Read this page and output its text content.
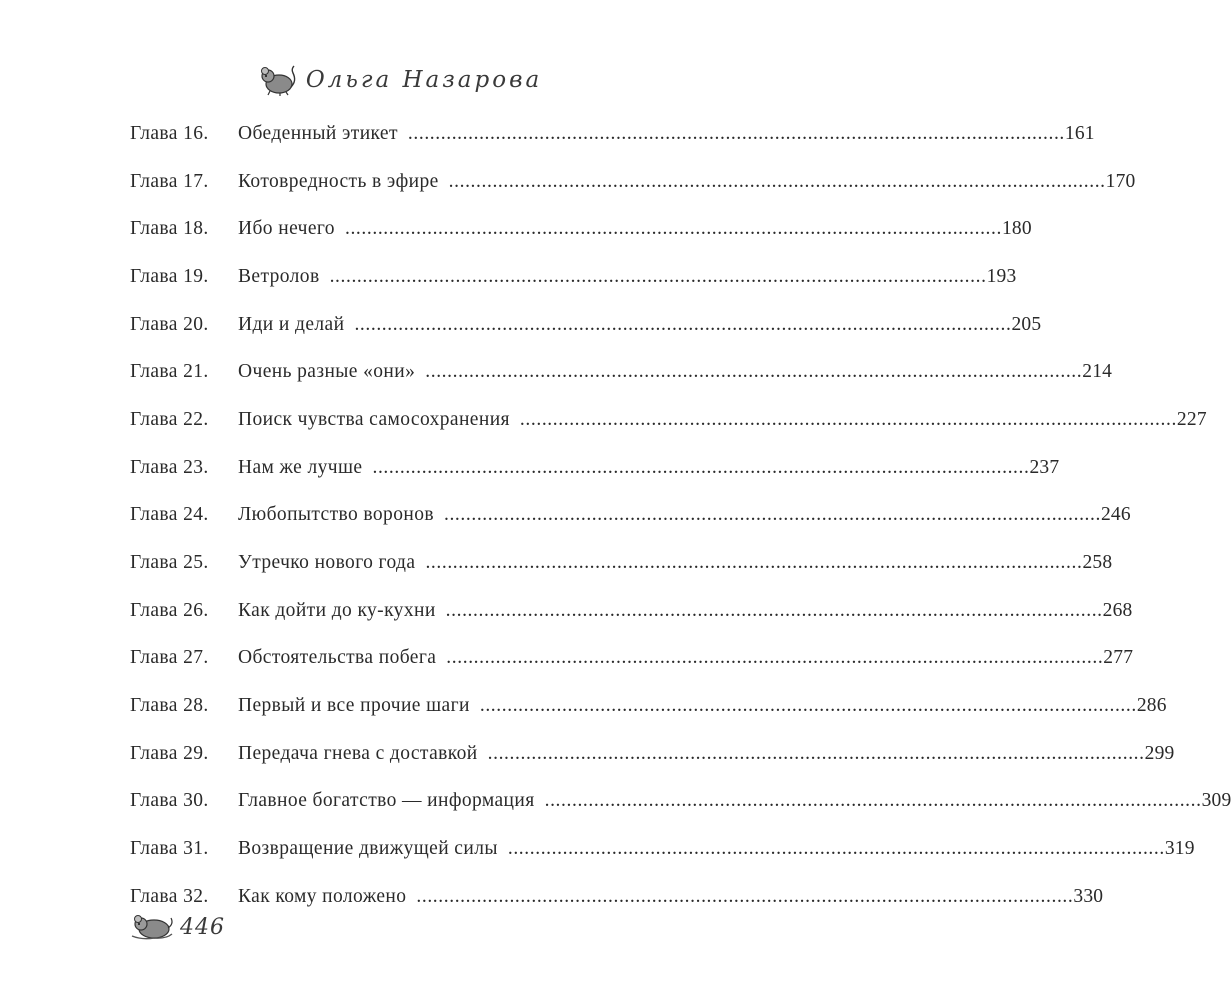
Ольга Назарова
Глава 16.	Обеденный этикет ........................................................................................................................ 161
Глава 17.	Котовредность в эфире ........................................................................................................................ 170
Глава 18.	Ибо нечего ........................................................................................................................ 180
Глава 19.	Ветролов ........................................................................................................................ 193
Глава 20.	Иди и делай ........................................................................................................................ 205
Глава 21.	Очень разные «они» ........................................................................................................................ 214
Глава 22.	Поиск чувства самосохранения ........................................................................................................................ 227
Глава 23.	Нам же лучше ........................................................................................................................ 237
Глава 24.	Любопытство воронов ........................................................................................................................ 246
Глава 25.	Утречко нового года ........................................................................................................................ 258
Глава 26.	Как дойти до ку-кухни ........................................................................................................................ 268
Глава 27.	Обстоятельства побега ........................................................................................................................ 277
Глава 28.	Первый и все прочие шаги ........................................................................................................................ 286
Глава 29.	Передача гнева с доставкой ........................................................................................................................ 299
Глава 30.	Главное богатство — информация ........................................................................................................................ 309
Глава 31.	Возвращение движущей силы ........................................................................................................................ 319
Глава 32.	Как кому положено ........................................................................................................................ 330
446
